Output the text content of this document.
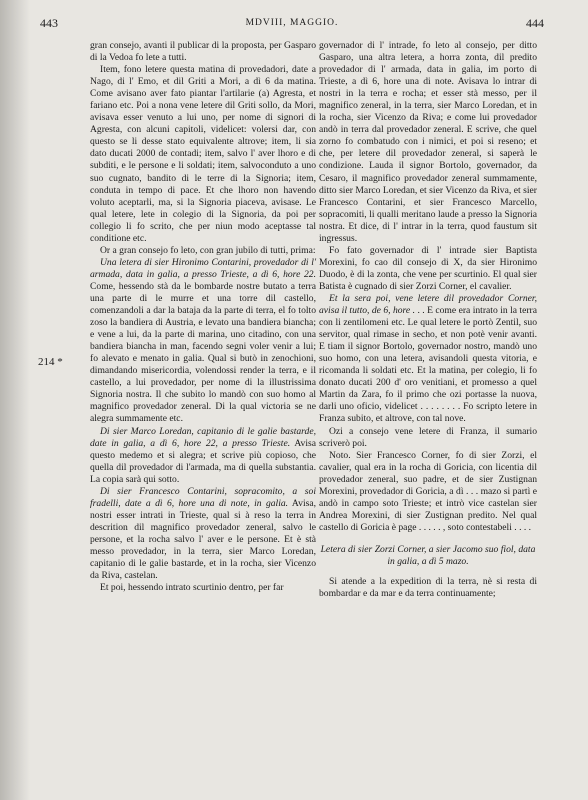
443	MDVIII, MAGGIO.	444
214 *

gran consejo, avanti il publicar di la proposta, per Gasparo di la Vedoa fo lete a tutti.

Item, fono letere questa matina di provedadori, date a Nago, di l' Emo, et dil Griti a Mori, a dì 6 da matina. Come avisano aver fato piantar l'artilarie (a) Agresta, et fariano etc. Poi a nona vene letere dil Griti sollo, da Mori, avisava esser venuto a lui uno, per nome di signori di Agresta, con alcuni capitoli, videlicet: volersi dar, con questo se li desse stato equivalente altrove; item, li sia dato ducati 2000 de contadi; item, salvo l' aver lhoro e di subditi, e le persone e li soldati; item, salvoconduto a uno suo cugnato, bandito di le terre di la Signoria; item, conduta in tempo di pace. Et che lhoro non havendo voluto aceptarli, ma, si la Signoria piaceva, avisase. Le qual letere, lete in colegio di la Signoria, da poi per collegio li fo scrito, che per niun modo aceptasse tal conditione etc.

Or a gran consejo fo leto, con gran jubilo di tutti, prima:

Una letera di sier Hironimo Contarini, provedador di l' armada, data in galia, a presso Trieste, a dì 6, hore 22. Come, hessendo stà da le bombarde nostre butato a terra una parte di le murre et una torre dil castello, comenzandoli a dar la bataja da la parte di terra, el fo tolto zoso la bandiera di Austria, e levato una bandiera biancha; e vene a lui, da la parte di marina, uno citadino, con una bandiera biancha in man, facendo segni voler venir a lui; fo alevato e menato in galia. Qual si butò in zenochioni, dimandando misericordia, volendossi render la terra, e il castello, a lui provedador, per nome di la illustrissima Signoria nostra. Il che subito lo mandò con suo homo al magnifico provedador zeneral. Di la qual victoria se ne alegra summamente etc.

Di sier Marco Loredan, capitanio di le galie bastarde, date in galia, a dì 6, hore 22, a presso Trieste. Avisa questo medemo et si alegra; et scrive più copioso, che quella dil provedador di l'armada, ma di quella substantia. La copia sarà qui sotto.

Di sier Francesco Contarini, sopracomito, a soi fradelli, date a dì 6, hore una di note, in galia. Avisa, nostri esser intrati in Trieste, qual si à reso la terra in descrition dil magnifico provedador zeneral, salvo le persone, et la rocha salvo l' aver e le persone. Et è stà messo provedador, in la terra, sier Marco Loredan, capitanio di le galie bastarde, et in la rocha, sier Vicenzo da Riva, castelan.

Et poi, hessendo intrato scurtinio dentro, per far

governador di l' intrade, fo leto al consejo, per ditto Gasparo, una altra letera, a horra zonta, dil predito provedador di l' armada, data in galia, im porto di Trieste, a dì 6, hore una di note. Avisava lo intrar di nostri in la terra e rocha; et esser stà messo, per il magnifico zeneral, in la terra, sier Marco Loredan, et in la rocha, sier Vicenzo da Riva; e come lui provedador andò in terra dal provedador zeneral. E scrive, che quel zorno fo combatudo con i nimici, et poi si reseno; et che, per letere dil provedador zeneral, si saperà le condizione. Lauda il signor Bortolo, governador, da Cesaro, il magnifico provedador zeneral summamente, ditto sier Marco Loredan, et sier Vicenzo da Riva, et sier Francesco Contarini, et sier Francesco Marcello, sopracomiti, li qualli meritano laude a presso la Signoria nostra. Et dice, di l' intrar in la terra, quod faustum sit ingressus.

Fo fato governador di l' intrade sier Baptista Morexini, fo cao dil consejo di X, da sier Hironimo Duodo, è di la zonta, che vene per scurtinio. El qual sier Batista è cugnado di sier Zorzi Corner, el cavalier.

Et la sera poi, vene letere dil provedador Corner, avisa il tutto, de 6, hore . . . E come era intrato in la terra con li zentilomeni etc. Le qual letere le portò Zentil, suo servitor, qual rimase in secho, et non potè venir avanti. E tiam il signor Bortolo, governador nostro, mandò uno suo homo, con una letera, avisandoli questa vitoria, e ricomanda li soldati etc. Et la matina, per colegio, li fo donato ducati 200 d' oro venitiani, et promesso a quel Martin da Zara, fo il primo che ozi portasse la nuova, darli uno oficio, videlicet . . . . . . . . Fo scripto letere in Franza subito, et altrove, con tal nove.

Ozi a consejo vene letere di Franza, il sumario scriverò poi.

Noto. Sier Francesco Corner, fo di sier Zorzi, el cavalier, qual era in la rocha di Goricia, con licentia dil provedador zeneral, suo padre, et de sier Zustignan Morexini, provedador di Goricia, a dì . . . mazo si partì e andò in campo soto Trieste; et intrò vice castelan sier Andrea Morexini, di sier Zustignan predito. Nel qual castello di Goricia è page . . . . . , soto contestabeli . . . .

Letera di sier Zorzi Corner, a sier Jacomo suo fiol, data in galia, a dì 5 mazo.

Si atende a la expedition di la terra, nè si resta di bombardar e da mar e da terra continuamente;
